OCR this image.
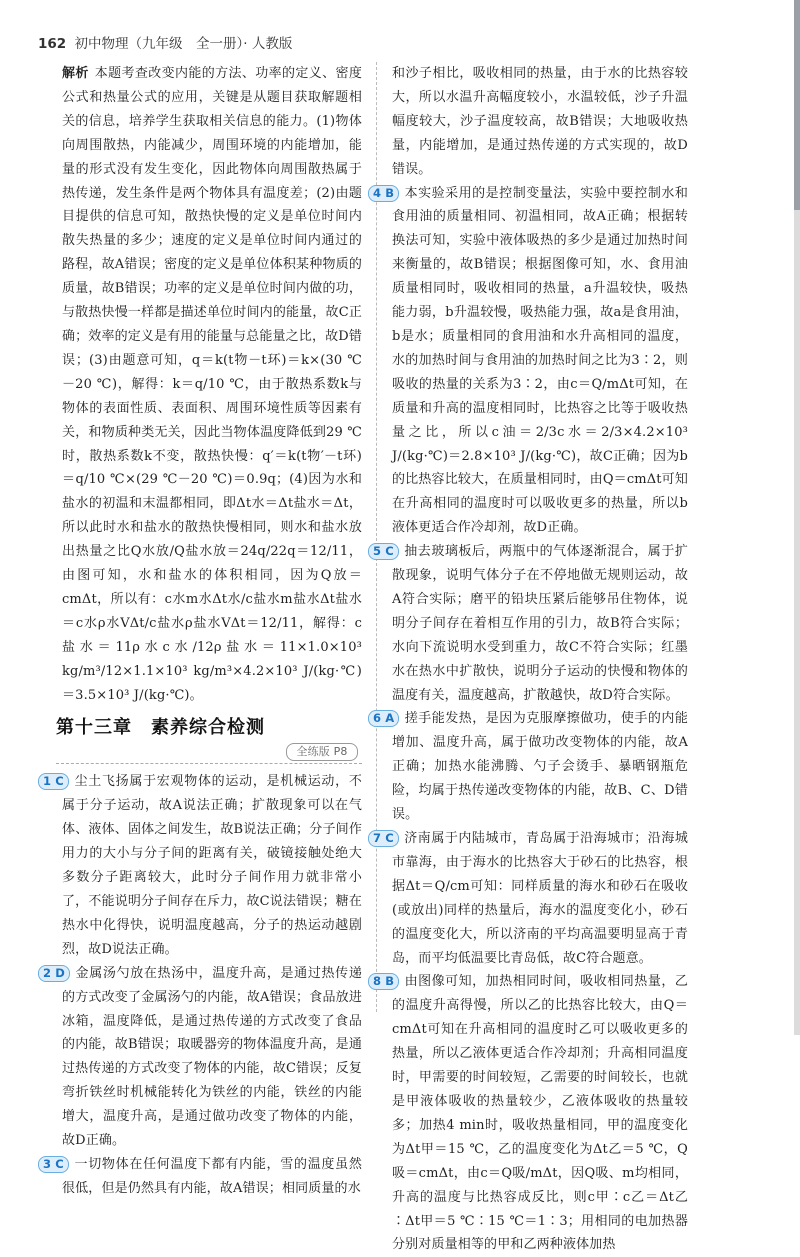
162 初中物理（九年级　全一册）· 人教版

解析 本题考查改变内能的方法、功率的定义、密度公式和热量公式的应用，关键是从题目获取解题相关的信息，培养学生获取相关信息的能力。(1)物体向周围散热，内能减少，周围环境的内能增加，能量的形式没有发生变化，因此物体向周围散热属于热传递，发生条件是两个物体具有温度差；(2)由题目提供的信息可知，散热快慢的定义是单位时间内散失热量的多少；速度的定义是单位时间内通过的路程，故A错误；密度的定义是单位体积某种物质的质量，故B错误；功率的定义是单位时间内做的功，与散热快慢一样都是描述单位时间内的能量，故C正确；效率的定义是有用的能量与总能量之比，故D错误；(3)由题意可知，q＝k(t物－t环)＝k×(30 ℃－20 ℃)，解得：k＝q/10 ℃，由于散热系数k与物体的表面性质、表面积、周围环境性质等因素有关，和物质种类无关，因此当物体温度降低到29 ℃时，散热系数k不变，散热快慢：q′＝k(t物′－t环)＝q/10 ℃×(29 ℃－20 ℃)＝0.9q；(4)因为水和盐水的初温和末温都相同，即Δt水＝Δt盐水＝Δt，所以此时水和盐水的散热快慢相同，则水和盐水放出热量之比Q水放/Q盐水放＝24q/22q＝12/11，由图可知，水和盐水的体积相同，因为Q放＝cmΔt，所以有：c水m水Δt水/c盐水m盐水Δt盐水＝c水ρ水VΔt/c盐水ρ盐水VΔt＝12/11，解得：c盐水＝11ρ水c水/12ρ盐水＝11×1.0×10³ kg/m³/12×1.1×10³ kg/m³×4.2×10³ J/(kg·℃)＝3.5×10³ J/(kg·℃)。

第十三章　素养综合检测
全练版 P8

1 C 尘土飞扬属于宏观物体的运动，是机械运动，不属于分子运动，故A说法正确；扩散现象可以在气体、液体、固体之间发生，故B说法正确；分子间作用力的大小与分子间的距离有关，破镜接触处绝大多数分子距离较大，此时分子间作用力就非常小了，不能说明分子间存在斥力，故C说法错误；糖在热水中化得快，说明温度越高，分子的热运动越剧烈，故D说法正确。

2 D 金属汤勺放在热汤中，温度升高，是通过热传递的方式改变了金属汤勺的内能，故A错误；食品放进冰箱，温度降低，是通过热传递的方式改变了食品的内能，故B错误；取暖器旁的物体温度升高，是通过热传递的方式改变了物体的内能，故C错误；反复弯折铁丝时机械能转化为铁丝的内能，铁丝的内能增大，温度升高，是通过做功改变了物体的内能，故D正确。

3 C 一切物体在任何温度下都有内能，雪的温度虽然很低，但是仍然具有内能，故A错误；相同质量的水

和沙子相比，吸收相同的热量，由于水的比热容较大，所以水温升高幅度较小，水温较低，沙子升温幅度较大，沙子温度较高，故B错误；大地吸收热量，内能增加，是通过热传递的方式实现的，故D错误。

4 B 本实验采用的是控制变量法，实验中要控制水和食用油的质量相同、初温相同，故A正确；根据转换法可知，实验中液体吸热的多少是通过加热时间来衡量的，故B错误；根据图像可知，水、食用油质量相同时，吸收相同的热量，a升温较快，吸热能力弱，b升温较慢，吸热能力强，故a是食用油，b是水；质量相同的食用油和水升高相同的温度，水的加热时间与食用油的加热时间之比为3∶2，则吸收的热量的关系为3∶2，由c＝Q/mΔt可知，在质量和升高的温度相同时，比热容之比等于吸收热量之比，所以c油＝2/3c水＝2/3×4.2×10³ J/(kg·℃)＝2.8×10³ J/(kg·℃)，故C正确；因为b的比热容比较大，在质量相同时，由Q＝cmΔt可知在升高相同的温度时可以吸收更多的热量，所以b液体更适合作冷却剂，故D正确。

5 C 抽去玻璃板后，两瓶中的气体逐渐混合，属于扩散现象，说明气体分子在不停地做无规则运动，故A符合实际；磨平的铅块压紧后能够吊住物体，说明分子间存在着相互作用的引力，故B符合实际；水向下流说明水受到重力，故C不符合实际；红墨水在热水中扩散快，说明分子运动的快慢和物体的温度有关，温度越高，扩散越快，故D符合实际。

6 A 搓手能发热，是因为克服摩擦做功，使手的内能增加、温度升高，属于做功改变物体的内能，故A正确；加热水能沸腾、勺子会烫手、暴晒钢瓶危险，均属于热传递改变物体的内能，故B、C、D错误。

7 C 济南属于内陆城市，青岛属于沿海城市；沿海城市靠海，由于海水的比热容大于砂石的比热容，根据Δt＝Q/cm可知：同样质量的海水和砂石在吸收(或放出)同样的热量后，海水的温度变化小，砂石的温度变化大，所以济南的平均高温要明显高于青岛，而平均低温要比青岛低，故C符合题意。

8 B 由图像可知，加热相同时间，吸收相同热量，乙的温度升高得慢，所以乙的比热容比较大，由Q＝cmΔt可知在升高相同的温度时乙可以吸收更多的热量，所以乙液体更适合作冷却剂；升高相同温度时，甲需要的时间较短，乙需要的时间较长，也就是甲液体吸收的热量较少，乙液体吸收的热量较多；加热4 min时，吸收热量相同，甲的温度变化为Δt甲＝15 ℃，乙的温度变化为Δt乙＝5 ℃，Q吸＝cmΔt，由c＝Q吸/mΔt，因Q吸、m均相同，升高的温度与比热容成反比，则c甲∶c乙＝Δt乙∶Δt甲＝5 ℃∶15 ℃＝1∶3；用相同的电加热器分别对质量相等的甲和乙两种液体加热
